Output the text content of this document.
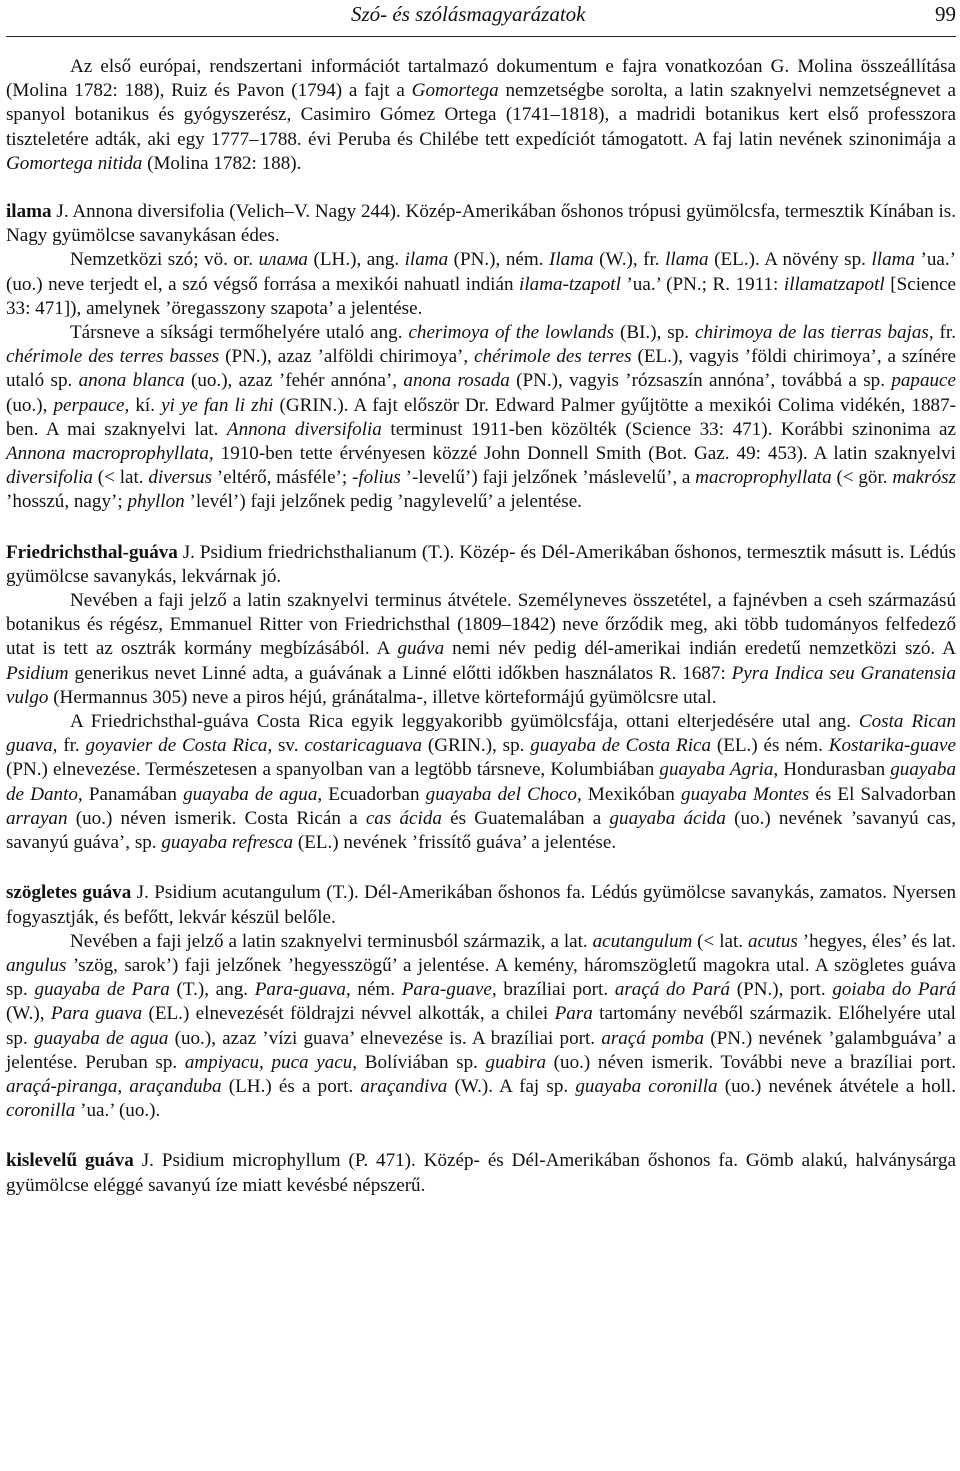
Szó- és szólásmagyarázatok	99

Az első európai, rendszertani információt tartalmazó dokumentum e fajra vonatkozóan G. Molina összeállítása (Molina 1782: 188), Ruiz és Pavon (1794) a fajt a Gomortega nemzetségbe sorolta, a latin szaknyelvi nemzetségnevet a spanyol botanikus és gyógyszerész, Casimiro Gómez Ortega (1741–1818), a madridi botanikus kert első professzora tiszteletére adták, aki egy 1777–1788. évi Peruba és Chilébe tett expedíciót támogatott. A faj latin nevének szinonimája a Gomortega nitida (Molina 1782: 188).

ilama J. Annona diversifolia (Velich–V. Nagy 244). Közép-Amerikában őshonos trópusi gyümölcsfa, termesztik Kínában is. Nagy gyümölcse savanykásan édes.

Nemzetközi szó; vö. or. илама (LH.), ang. ilama (PN.), ném. Ilama (W.), fr. llama (EL.). A növény sp. llama ’ua.’ (uo.) neve terjedt el, a szó végső forrása a mexikói nahuatl indián ilama-tzapotl ’ua.’ (PN.; R. 1911: illamatzapotl [Science 33: 471]), amelynek ’öregasszony szapota’ a jelentése.

Társneve a síksági termőhelyére utaló ang. cherimoya of the lowlands (BI.), sp. chirimoya de las tierras bajas, fr. chérimole des terres basses (PN.), azaz ’alföldi chirimoya’, chérimole des terres (EL.), vagyis ’földi chirimoya’, a színére utaló sp. anona blanca (uo.), azaz ’fehér annóna’, anona rosada (PN.), vagyis ’rózsaszín annóna’, továbbá a sp. papauce (uo.), perpauce, kí. yi ye fan li zhi (GRIN.). A fajt először Dr. Edward Palmer gyűjtötte a mexikói Colima vidékén, 1887-ben. A mai szaknyelvi lat. Annona diversifolia terminust 1911-ben közölték (Science 33: 471). Korábbi szinonima az Annona macroprophyllata, 1910-ben tette érvényesen közzé John Donnell Smith (Bot. Gaz. 49: 453). A latin szaknyelvi diversifolia (< lat. diversus ’eltérő, másféle’; -folius ’-levelű’) faji jelzőnek ’máslevelű’, a macroprophyllata (< gör. makrósz ’hosszú, nagy’; phyllon ’levél’) faji jelzőnek pedig ’nagylevelű’ a jelentése.

Friedrichsthal-guáva J. Psidium friedrichsthalianum (T.). Közép- és Dél-Amerikában őshonos, termesztik másutt is. Lédús gyümölcse savanykás, lekvárnak jó.

Nevében a faji jelző a latin szaknyelvi terminus átvétele. Személyneves összetétel, a fajnévben a cseh származású botanikus és régész, Emmanuel Ritter von Friedrichsthal (1809–1842) neve őrződik meg, aki több tudományos felfedező utat is tett az osztrák kormány megbízásából. A guáva nemi név pedig dél-amerikai indián eredetű nemzetközi szó. A Psidium generikus nevet Linné adta, a guávának a Linné előtti időkben használatos R. 1687: Pyra Indica seu Granatensia vulgo (Hermannus 305) neve a piros héjú, gránátalma-, illetve körteformájú gyümölcsre utal.

A Friedrichsthal-guáva Costa Rica egyik leggyakoribb gyümölcsfája, ottani elterjedésére utal ang. Costa Rican guava, fr. goyavier de Costa Rica, sv. costaricaguava (GRIN.), sp. guayaba de Costa Rica (EL.) és ném. Kostarika-guave (PN.) elnevezése. Természetesen a spanyolban van a legtöbb társneve, Kolumbiában guayaba Agria, Hondurasban guayaba de Danto, Panamában guayaba de agua, Ecuadorban guayaba del Choco, Mexikóban guayaba Montes és El Salvadorban arrayan (uo.) néven ismerik. Costa Ricán a cas ácida és Guatemalában a guayaba ácida (uo.) nevének ’savanyú cas, savanyú guáva’, sp. guayaba refresca (EL.) nevének ’frissítő guáva’ a jelentése.

szögletes guáva J. Psidium acutangulum (T.). Dél-Amerikában őshonos fa. Lédús gyümölcse savanykás, zamatos. Nyersen fogyasztják, és befőtt, lekvár készül belőle.

Nevében a faji jelző a latin szaknyelvi terminusból származik, a lat. acutangulum (< lat. acutus ’hegyes, éles’ és lat. angulus ’szög, sarok’) faji jelzőnek ’hegyesszögű’ a jelentése. A kemény, háromszögletű magokra utal. A szögletes guáva sp. guayaba de Para (T.), ang. Para-guava, ném. Para-guave, brazíliai port. araçá do Pará (PN.), port. goiaba do Pará (W.), Para guava (EL.) elnevezését földrajzi névvel alkották, a chilei Para tartomány nevéből származik. Előhelyére utal sp. guayaba de agua (uo.), azaz ’vízi guava’ elnevezése is. A brazíliai port. araçá pomba (PN.) nevének ’galambguáva’ a jelentése. Peruban sp. ampiyacu, puca yacu, Bolíviában sp. guabira (uo.) néven ismerik. További neve a brazíliai port. araçá-piranga, araçanduba (LH.) és a port. araçandiva (W.). A faj sp. guayaba coronilla (uo.) nevének átvétele a holl. coronilla ’ua.’ (uo.).

kislevelű guáva J. Psidium microphyllum (P. 471). Közép- és Dél-Amerikában őshonos fa. Gömb alakú, halványsárga gyümölcse eléggé savanyú íze miatt kevésbé népszerű.
